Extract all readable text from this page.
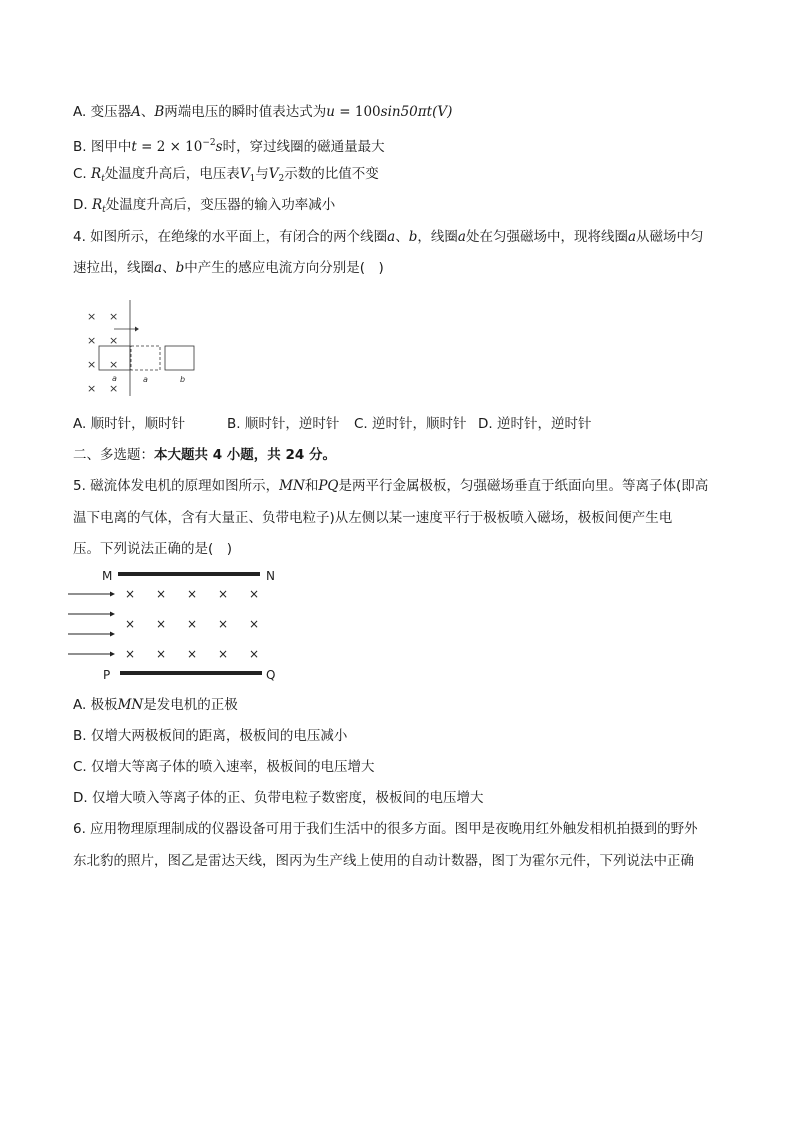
A. 变压器A、B两端电压的瞬时值表达式为u = 100sin50πt(V)
B. 图甲中$t = 2 \times 10^{-2}s$时，穿过线圈的磁通量最大
C. $R_t$处温度升高后，电压表$V_1$与$V_2$示数的比值不变
D. $R_t$处温度升高后，变压器的输入功率减小
4. 如图所示，在绝缘的水平面上，有闭合的两个线圈a、b，线圈a处在匀强磁场中，现将线圈a从磁场中匀
速拉出，线圈a、b中产生的感应电流方向分别是(　)
× ×
× ×
× ×
× ×
a	a	b
A. 顺时针，顺时针	B. 顺时针，逆时针 C. 逆时针，顺时针 D. 逆时针，逆时针
二、多选题：本大题共 4 小题，共 24 分。
5. 磁流体发电机的原理如图所示，MN和PQ是两平行金属极板，匀强磁场垂直于纸面向里。等离子体(即高
温下电离的气体，含有大量正、负带电粒子)从左侧以某一速度平行于极板喷入磁场，极板间便产生电
压。下列说法正确的是(　)
M	N
P	Q
× × × × ×
× × × × ×
× × × × ×
A. 极板MN是发电机的正极
B. 仅增大两极板间的距离，极板间的电压减小
C. 仅增大等离子体的喷入速率，极板间的电压增大
D. 仅增大喷入等离子体的正、负带电粒子数密度，极板间的电压增大
6. 应用物理原理制成的仪器设备可用于我们生活中的很多方面。图甲是夜晚用红外触发相机拍摄到的野外
东北豹的照片，图乙是雷达天线，图丙为生产线上使用的自动计数器，图丁为霍尔元件，下列说法中正确
